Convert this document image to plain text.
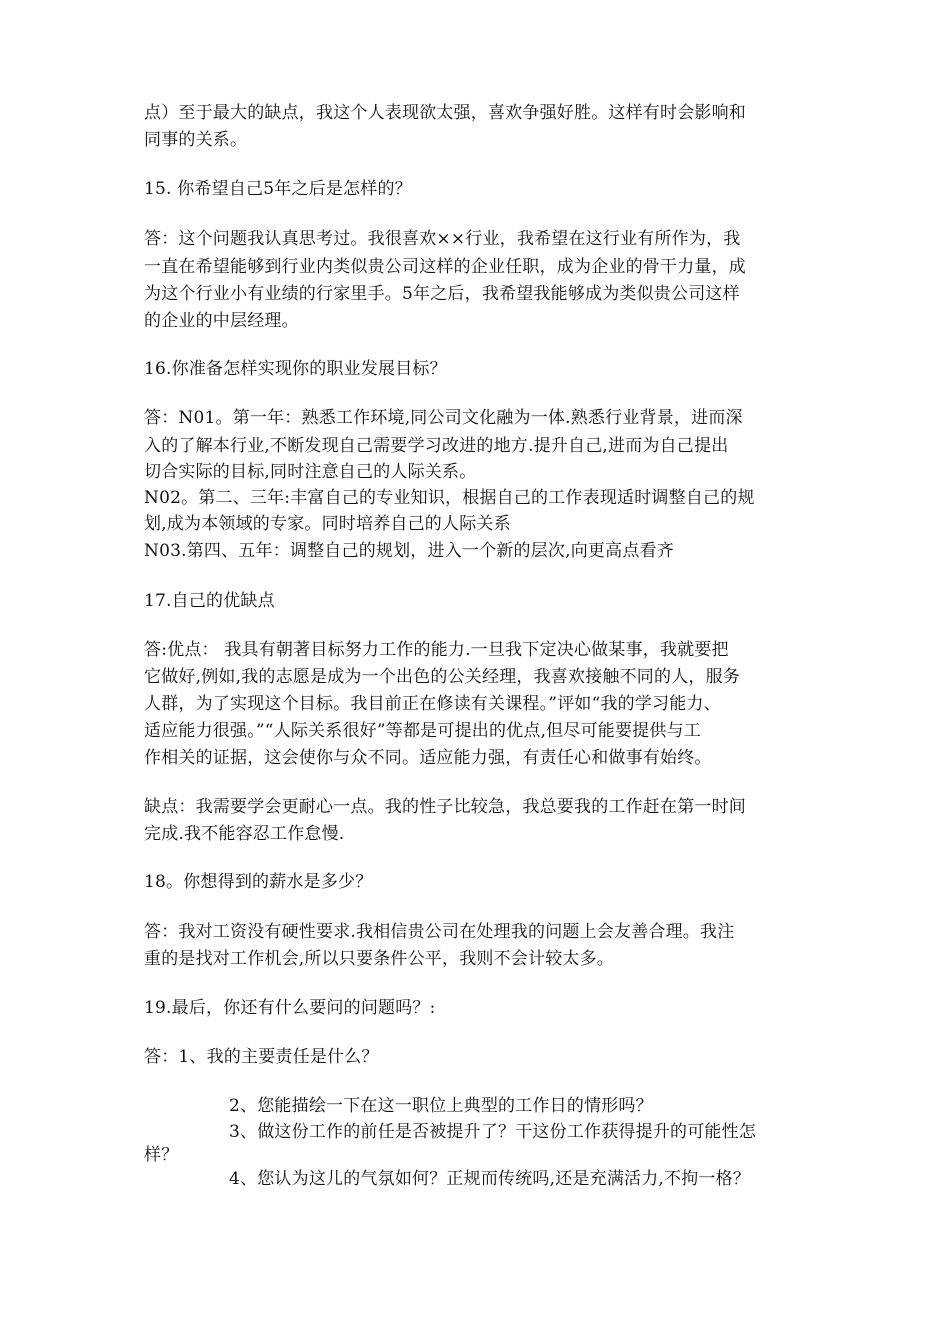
点）至于最大的缺点，我这个人表现欲太强，喜欢争强好胜。这样有时会影响和
同事的关系。
15. 你希望自己5年之后是怎样的？
答：这个问题我认真思考过。我很喜欢××行业，我希望在这行业有所作为，我
一直在希望能够到行业内类似贵公司这样的企业任职，成为企业的骨干力量，成
为这个行业小有业绩的行家里手。5年之后，我希望我能够成为类似贵公司这样
的企业的中层经理。
16.你准备怎样实现你的职业发展目标？
答：N01。第一年：熟悉工作环境,同公司文化融为一体.熟悉行业背景，进而深
入的了解本行业,不断发现自己需要学习改进的地方.提升自己,进而为自己提出
切合实际的目标,同时注意自己的人际关系。
N02。第二、三年:丰富自己的专业知识，根据自己的工作表现适时调整自己的规
划,成为本领域的专家。同时培养自己的人际关系
N03.第四、五年：调整自己的规划，进入一个新的层次,向更高点看齐
17.自己的优缺点
答:优点： 我具有朝著目标努力工作的能力.一旦我下定决心做某事，我就要把
它做好,例如,我的志愿是成为一个出色的公关经理，我喜欢接触不同的人，服务
人群，为了实现这个目标。我目前正在修读有关课程。”评如“我的学习能力、
适应能力很强。”“人际关系很好”等都是可提出的优点,但尽可能要提供与工
作相关的证据，这会使你与众不同。适应能力强，有责任心和做事有始终。
缺点：我需要学会更耐心一点。我的性子比较急，我总要我的工作赶在第一时间
完成.我不能容忍工作怠慢.
18。你想得到的薪水是多少？
答：我对工资没有硬性要求.我相信贵公司在处理我的问题上会友善合理。我注
重的是找对工作机会,所以只要条件公平，我则不会计较太多。
19.最后，你还有什么要问的问题吗？:
答：1、我的主要责任是什么？
2、您能描绘一下在这一职位上典型的工作日的情形吗？
3、做这份工作的前任是否被提升了？干这份工作获得提升的可能性怎
样？
4、您认为这儿的气氛如何？正规而传统吗,还是充满活力,不拘一格？
